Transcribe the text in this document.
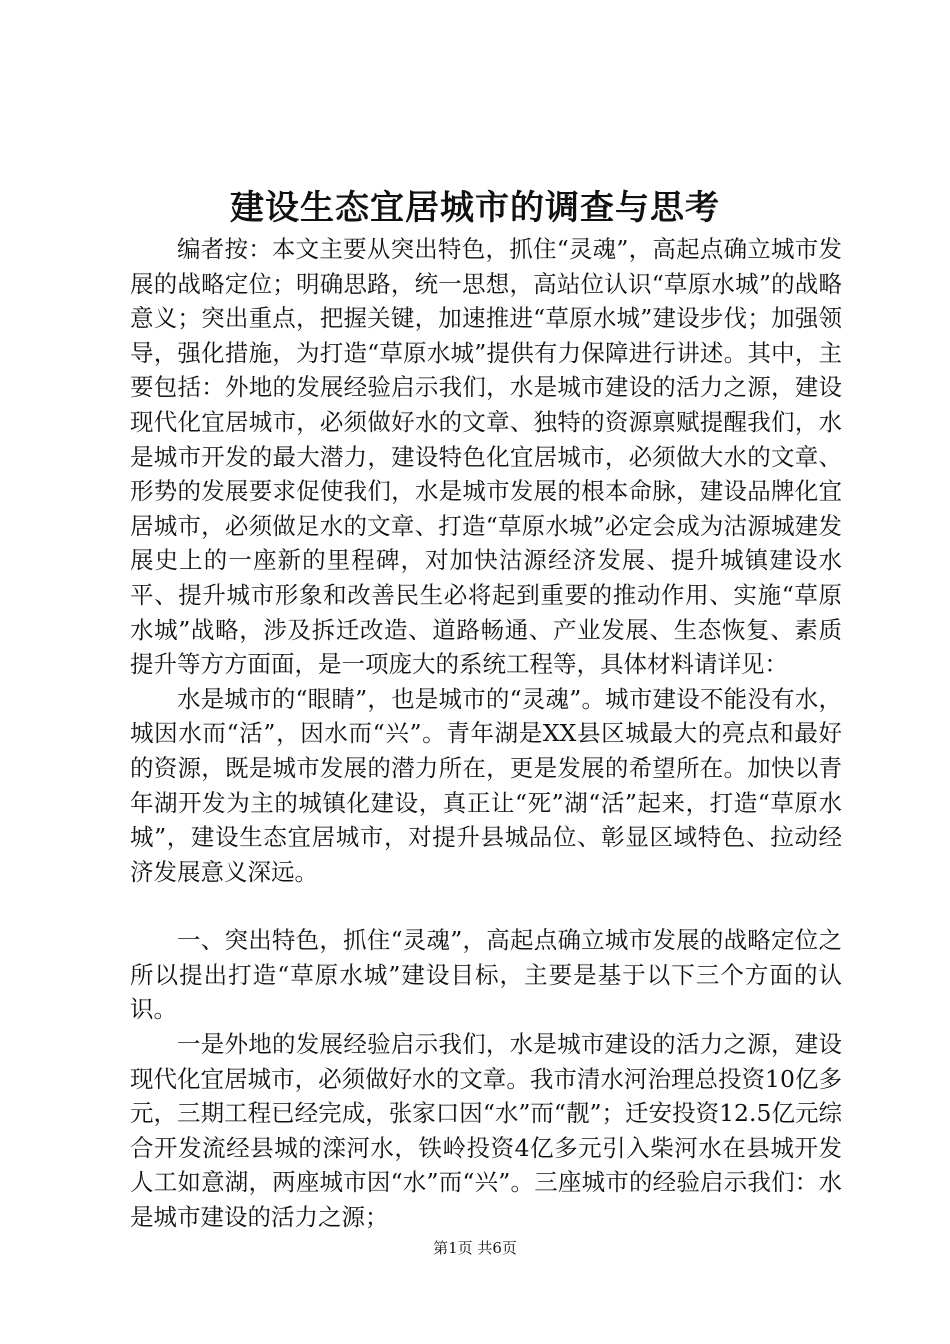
建设生态宜居城市的调查与思考

编者按：本文主要从突出特色，抓住“灵魂”，高起点确立城市发展的战略定位；明确思路，统一思想，高站位认识“草原水城”的战略意义；突出重点，把握关键，加速推进“草原水城”建设步伐；加强领导，强化措施，为打造“草原水城”提供有力保障进行讲述。其中，主要包括：外地的发展经验启示我们，水是城市建设的活力之源，建设现代化宜居城市，必须做好水的文章、独特的资源禀赋提醒我们，水是城市开发的最大潜力，建设特色化宜居城市，必须做大水的文章、形势的发展要求促使我们，水是城市发展的根本命脉，建设品牌化宜居城市，必须做足水的文章、打造“草原水城”必定会成为沽源城建发展史上的一座新的里程碑，对加快沽源经济发展、提升城镇建设水平、提升城市形象和改善民生必将起到重要的推动作用、实施“草原水城”战略，涉及拆迁改造、道路畅通、产业发展、生态恢复、素质提升等方方面面，是一项庞大的系统工程等，具体材料请详见：

水是城市的“眼睛”，也是城市的“灵魂”。城市建设不能没有水，城因水而“活”，因水而“兴”。青年湖是XX县区城最大的亮点和最好的资源，既是城市发展的潜力所在，更是发展的希望所在。加快以青年湖开发为主的城镇化建设，真正让“死”湖“活”起来，打造“草原水城”，建设生态宜居城市，对提升县城品位、彰显区域特色、拉动经济发展意义深远。

一、突出特色，抓住“灵魂”，高起点确立城市发展的战略定位之所以提出打造“草原水城”建设目标，主要是基于以下三个方面的认识。

一是外地的发展经验启示我们，水是城市建设的活力之源，建设现代化宜居城市，必须做好水的文章。我市清水河治理总投资10亿多元，三期工程已经完成，张家口因“水”而“靓”；迁安投资12.5亿元综合开发流经县城的滦河水，铁岭投资4亿多元引入柴河水在县城开发人工如意湖，两座城市因“水”而“兴”。三座城市的经验启示我们：水是城市建设的活力之源；

第1页 共6页
